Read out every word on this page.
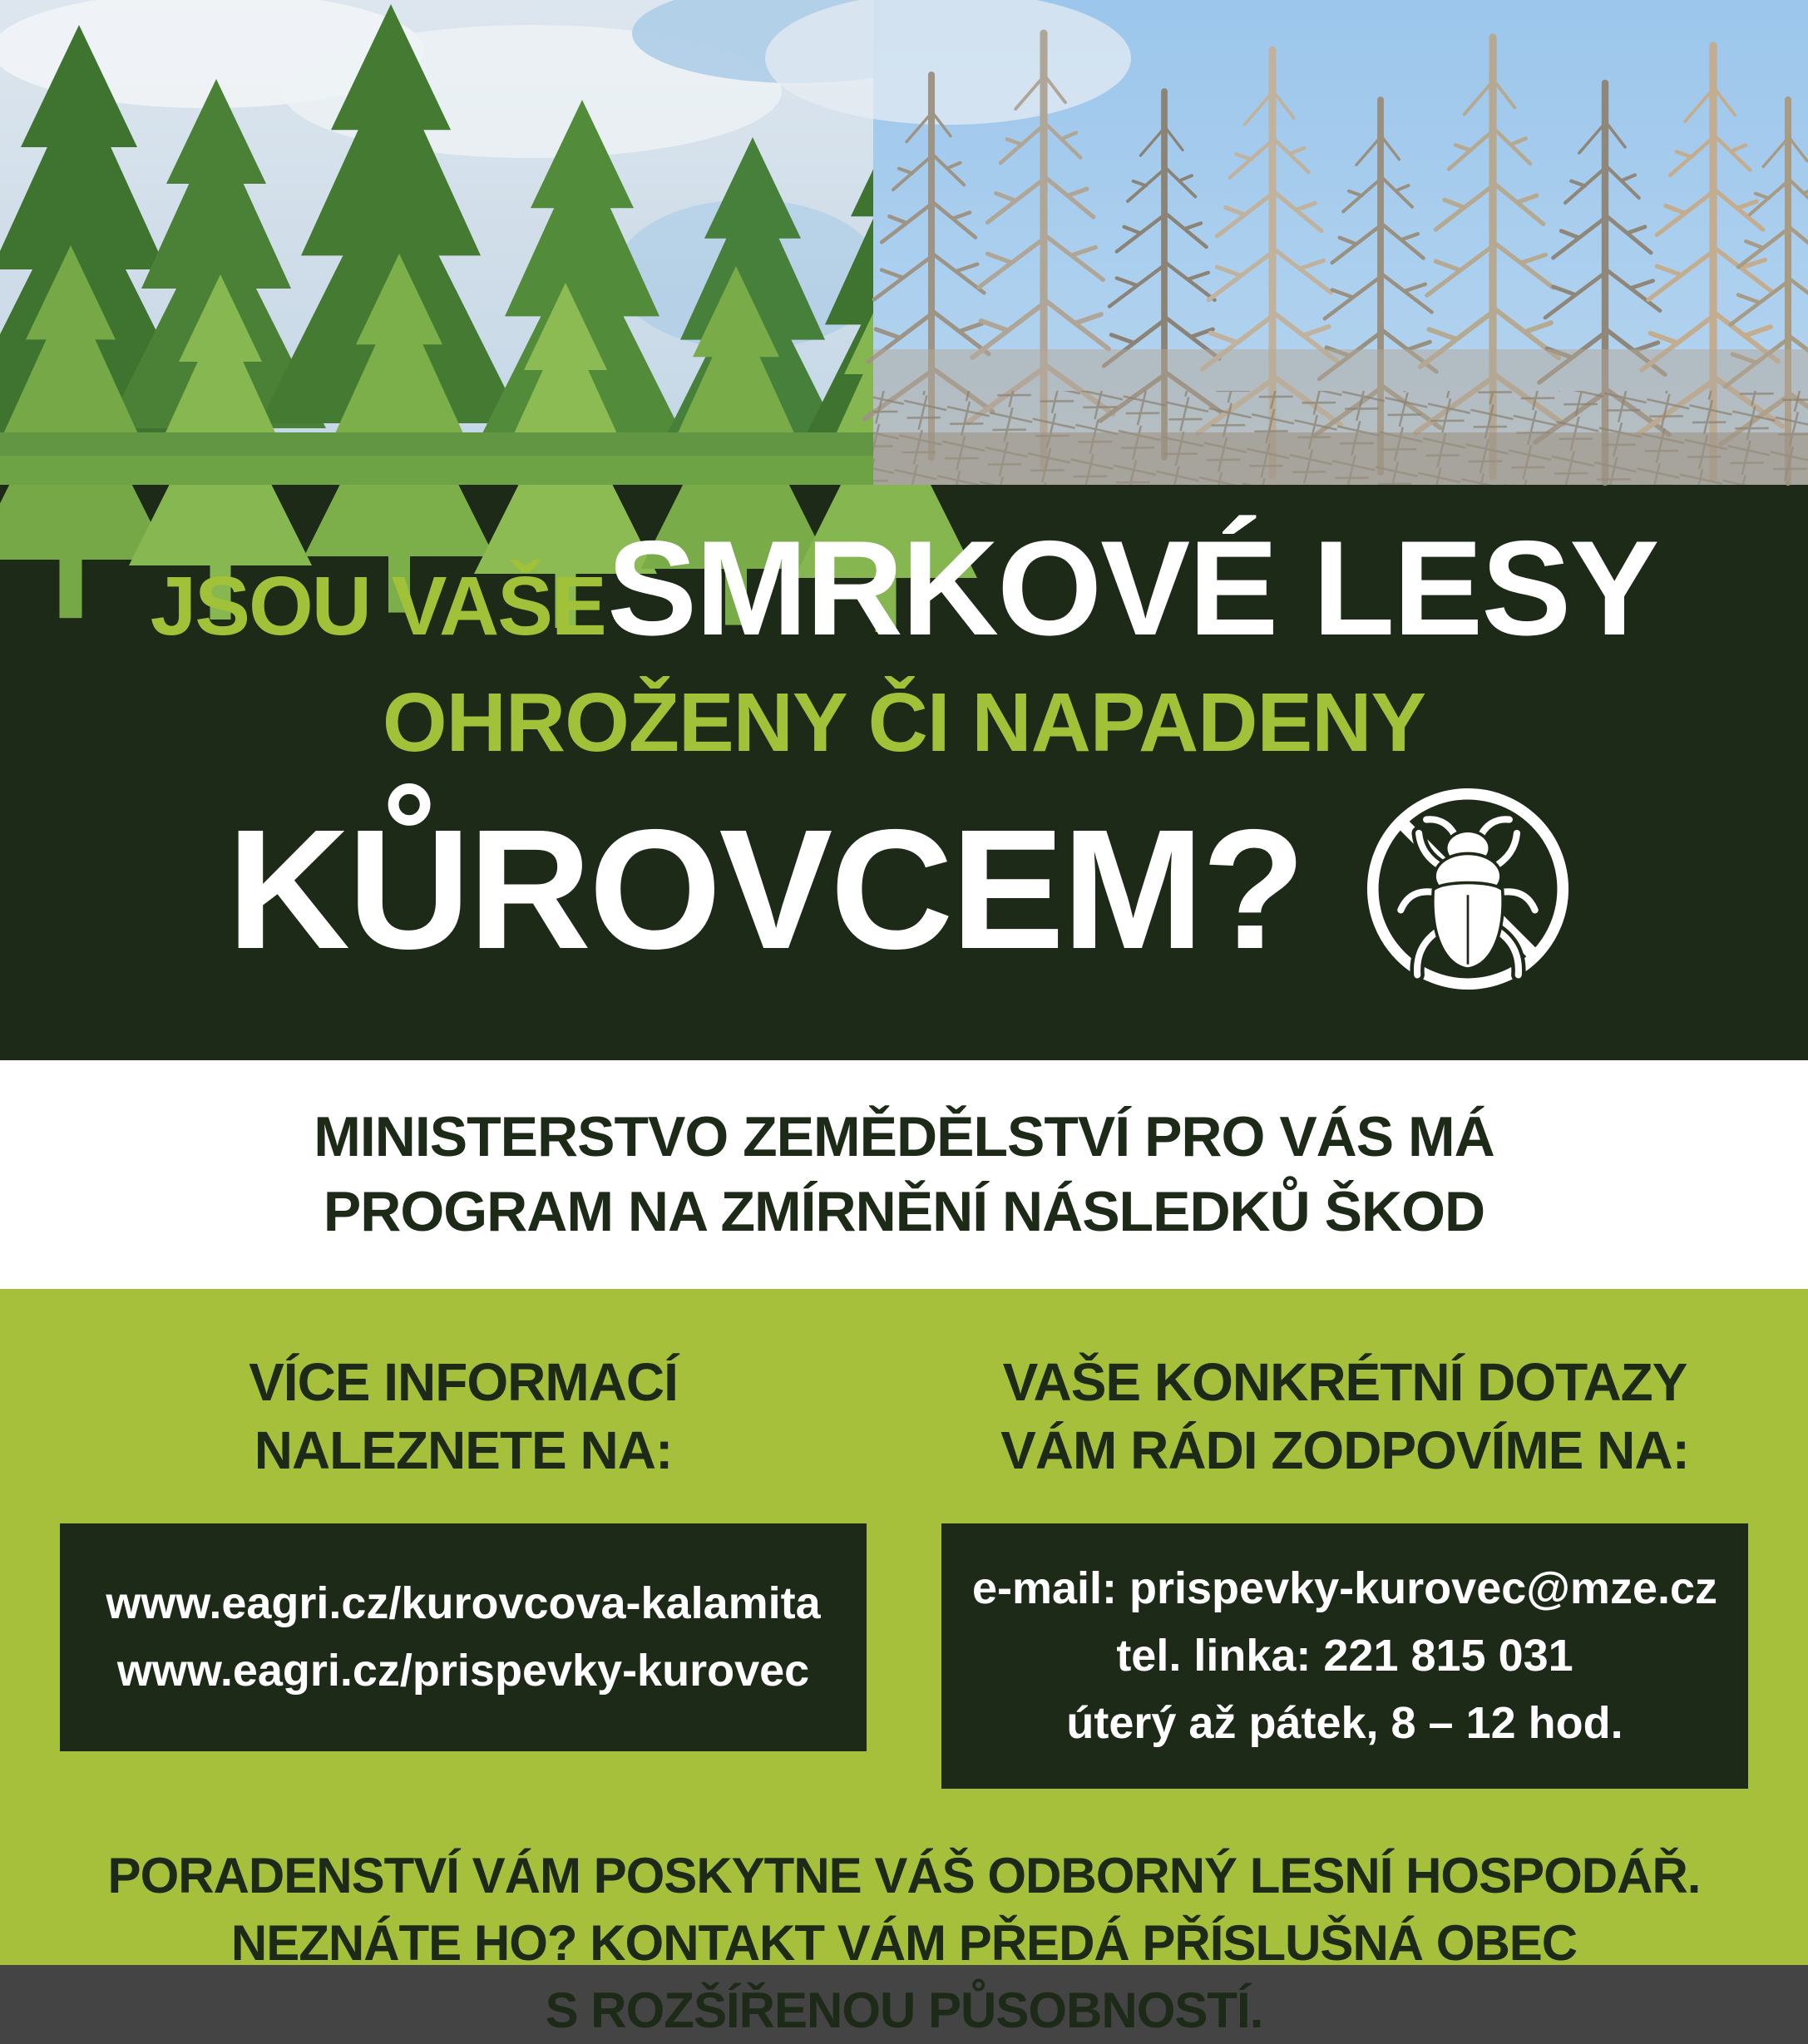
JSOU VAŠE SMRKOVÉ LESY
OHROŽENY ČI NAPADENY
KŮROVCEM?
MINISTERSTVO ZEMĚDĚLSTVÍ PRO VÁS MÁ
PROGRAM NA ZMÍRNĚNÍ NÁSLEDKŮ ŠKOD
VÍCE INFORMACÍ
NALEZNETE NA:
www.eagri.cz/kurovcova-kalamita
www.eagri.cz/prispevky-kurovec
VAŠE KONKRÉTNÍ DOTAZY
VÁM RÁDI ZODPOVÍME NA:
e-mail: prispevky-kurovec@mze.cz
tel. linka: 221 815 031
úterý až pátek, 8 – 12 hod.
PORADENSTVÍ VÁM POSKYTNE VÁŠ ODBORNÝ LESNÍ HOSPODÁŘ.
NEZNÁTE HO? KONTAKT VÁM PŘEDÁ PŘÍSLUŠNÁ OBEC
S ROZŠÍŘENOU PŮSOBNOSTÍ.
